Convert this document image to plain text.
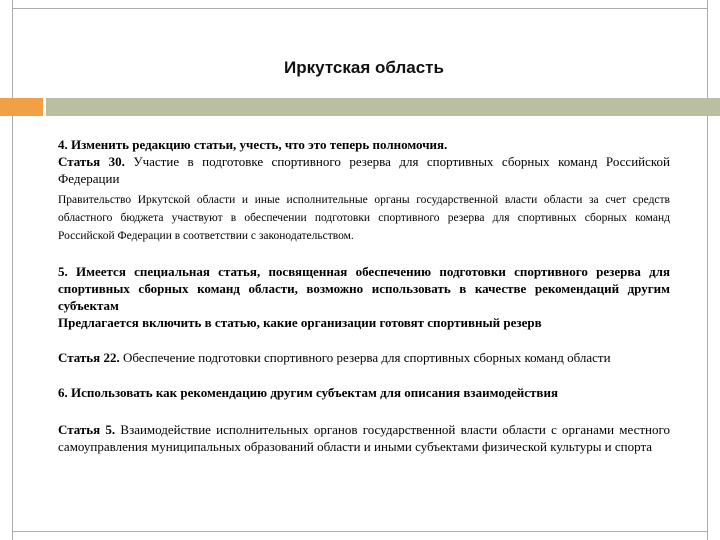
Иркутская область

4. Изменить редакцию статьи, учесть, что это теперь полномочия.

Статья 30. Участие в подготовке спортивного резерва для спортивных сборных команд Российской Федерации

Правительство Иркутской области и иные исполнительные органы государственной власти области за счет средств областного бюджета участвуют в обеспечении подготовки спортивного резерва для спортивных сборных команд Российской Федерации в соответствии с законодательством.

5. Имеется специальная статья, посвященная обеспечению подготовки спортивного резерва для спортивных сборных команд области, возможно использовать в качестве рекомендаций другим субъектам

Предлагается включить в статью, какие организации готовят спортивный резерв

Статья 22. Обеспечение подготовки спортивного резерва для спортивных сборных команд области

6. Использовать как рекомендацию другим субъектам для описания взаимодействия

Статья 5. Взаимодействие исполнительных органов государственной власти области с органами местного самоуправления муниципальных образований области и иными субъектами физической культуры и спорта
